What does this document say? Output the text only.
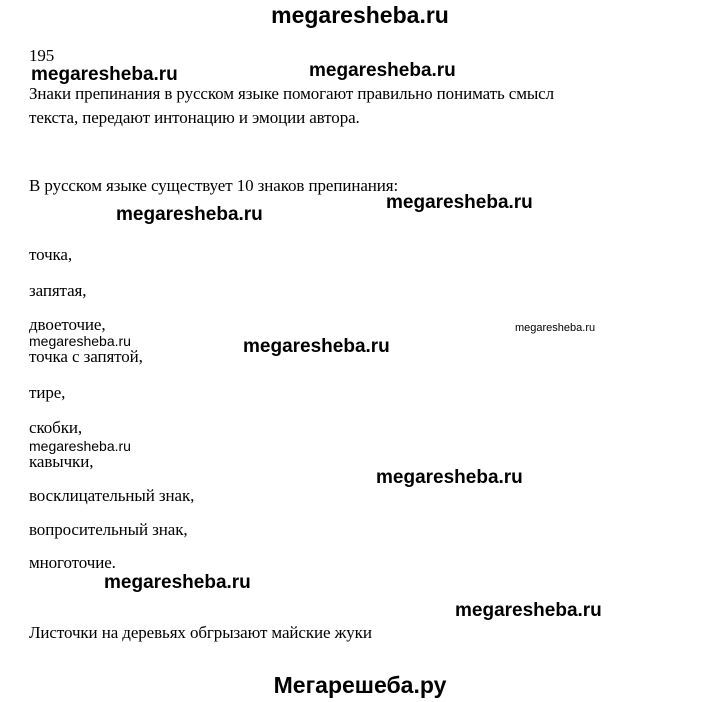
megaresheba.ru
195
megaresheba.ru	megaresheba.ru
Знаки препинания в русском языке помогают правильно понимать смысл
текста, передают интонацию и эмоции автора.
В русском языке существует 10 знаков препинания:
megaresheba.ru
megaresheba.ru
точка,
запятая,
двоеточие,
megaresheba.ru
megaresheba.ru
megaresheba.ru
точка с запятой,
тире,
скобки,
megaresheba.ru
кавычки,
megaresheba.ru
восклицательный знак,
вопросительный знак,
многоточие.
megaresheba.ru
megaresheba.ru
Листочки на деревьях обгрызают майские жуки
Мегарешеба.ру
